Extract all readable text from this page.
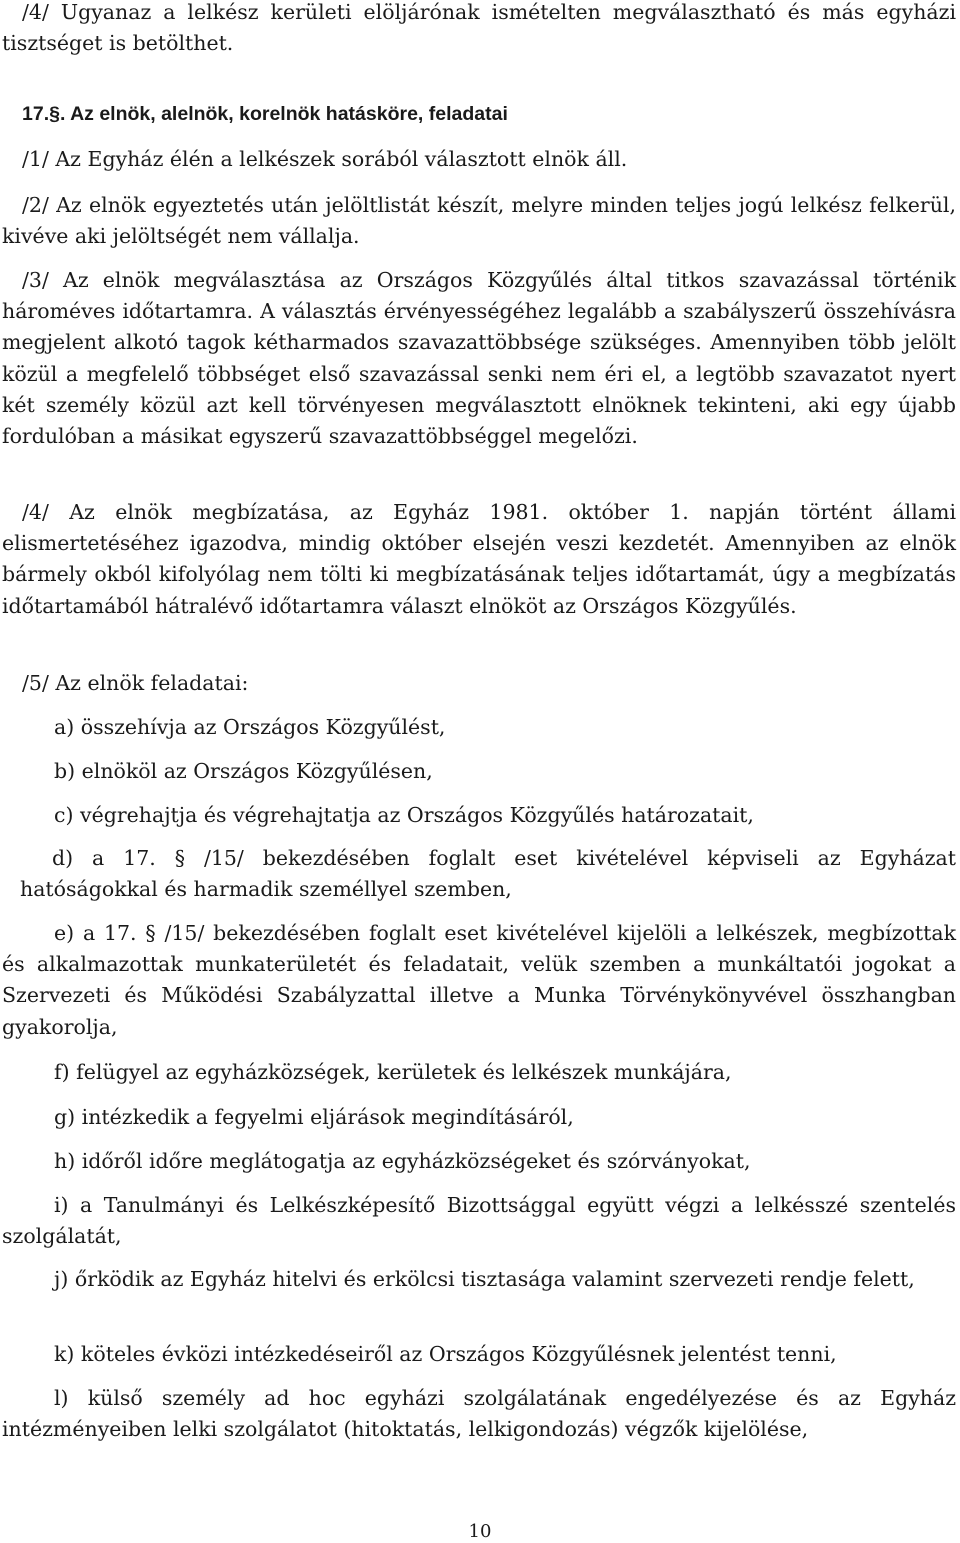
/4/ Ugyanaz a lelkész kerületi elöljárónak ismételten megválasztható és más egyházi tisztséget is betölthet.

17.§. Az elnök, alelnök, korelnök hatásköre, feladatai

/1/ Az Egyház élén a lelkészek sorából választott elnök áll.

/2/ Az elnök egyeztetés után jelöltlistát készít, melyre minden teljes jogú lelkész felkerül, kivéve aki jelöltségét nem vállalja.

/3/ Az elnök megválasztása az Országos Közgyűlés által titkos szavazással történik hároméves időtartamra. A választás érvényességéhez legalább a szabályszerű összehívásra megjelent alkotó tagok kétharmados szavazattöbbsége szükséges. Amennyiben több jelölt közül a megfelelő többséget első szavazással senki nem éri el, a legtöbb szavazatot nyert két személy közül azt kell törvényesen megválasztott elnöknek tekinteni, aki egy újabb fordulóban a másikat egyszerű szavazattöbbséggel megelőzi.

/4/ Az elnök megbízatása, az Egyház 1981. október 1. napján történt állami elismertetéséhez igazodva, mindig október elsején veszi kezdetét. Amennyiben az elnök bármely okból kifolyólag nem tölti ki megbízatásának teljes időtartamát, úgy a megbízatás időtartamából hátralévő időtartamra választ elnököt az Országos Közgyűlés.

/5/ Az elnök feladatai:

a) összehívja az Országos Közgyűlést,

b) elnököl az Országos Közgyűlésen,

c) végrehajtja és végrehajtatja az Országos Közgyűlés határozatait,

d) a 17. § /15/ bekezdésében foglalt eset kivételével képviseli az Egyházat hatóságokkal és harmadik személlyel szemben,

e) a 17. § /15/ bekezdésében foglalt eset kivételével kijelöli a lelkészek, megbízottak és alkalmazottak munkaterületét és feladatait, velük szemben a munkáltatói jogokat a Szervezeti és Működési Szabályzattal illetve a Munka Törvénykönyvével összhangban gyakorolja,

f) felügyel az egyházközségek, kerületek és lelkészek munkájára,

g) intézkedik a fegyelmi eljárások megindításáról,

h) időről időre meglátogatja az egyházközségeket és szórványokat,

i) a Tanulmányi és Lelkészképesítő Bizottsággal együtt végzi a lelkésszé szentelés szolgálatát,

j) őrködik az Egyház hitelvi és erkölcsi tisztasága valamint szervezeti rendje felett,

k) köteles évközi intézkedéseiről az Országos Közgyűlésnek jelentést tenni,

l) külső személy ad hoc egyházi szolgálatának engedélyezése és az Egyház intézményeiben lelki szolgálatot (hitoktatás, lelkigondozás) végzők kijelölése,

10
